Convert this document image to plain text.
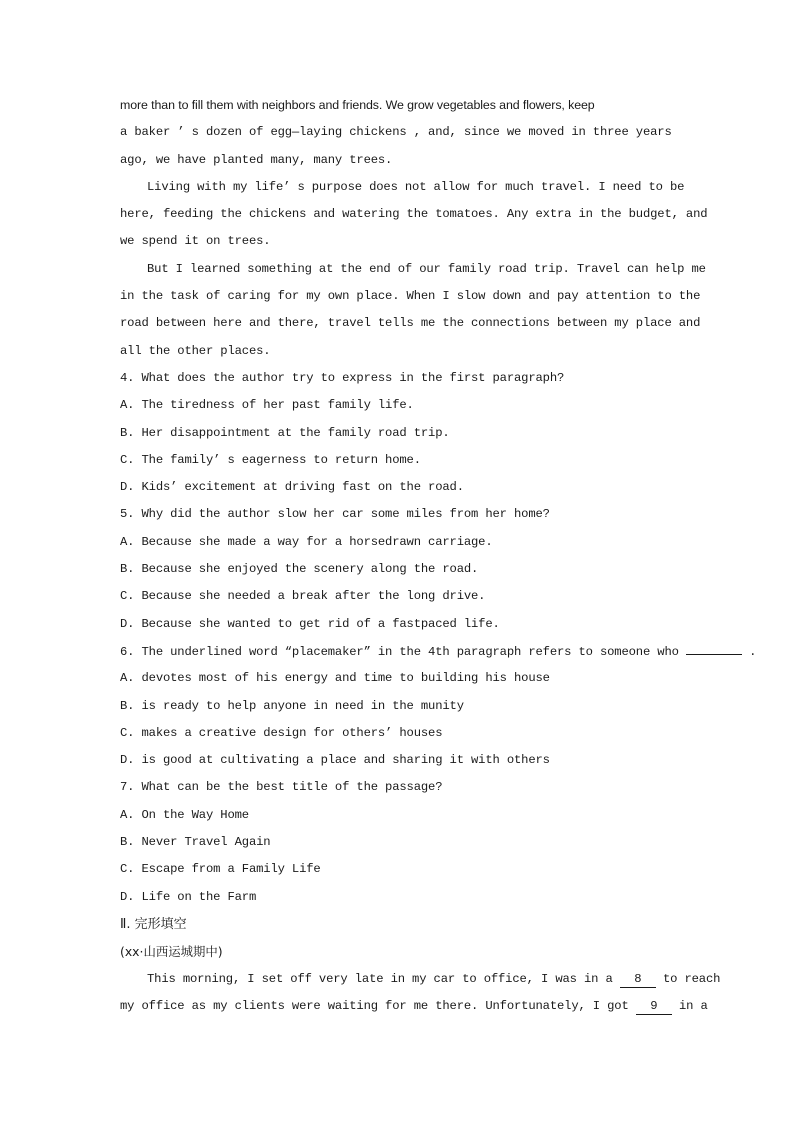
more than to fill them with neighbors and friends. We grow vegetables and flowers, keep
a baker ’ s dozen of egg—laying chickens , and, since we moved in three years
ago, we have planted many, many trees.
Living with my life’ s purpose does not allow for much travel. I need to be
here, feeding the chickens and watering the tomatoes. Any extra in the budget, and
we spend it on trees.
But I learned something at the end of our family road trip. Travel can help me
in the task of caring for my own place. When I slow down and pay attention to the
road between here and there, travel tells me the connections between my place and
all the other places.
4. What does the author try to express in the first paragraph?
A. The tiredness of her past family life.
B. Her disappointment at the family road trip.
C. The family’ s eagerness to return home.
D. Kids’ excitement at driving fast on the road.
5. Why did the author slow her car some miles from her home?
A. Because she made a way for a horsedrawn carriage.
B. Because she enjoyed the scenery along the road.
C. Because she needed a break after the long drive.
D. Because she wanted to get rid of a fastpaced life.
6. The underlined word “placemaker” in the 4th paragraph refers to someone who	.
A. devotes most of his energy and time to building his house
B. is ready to help anyone in need in the munity
C. makes a creative design for others’ houses
D. is good at cultivating a place and sharing it with others
7. What can be the best title of the passage?
A. On the Way Home
B. Never Travel Again
C. Escape from a Family Life
D. Life on the Farm
Ⅱ. 完形填空
(xx·山西运城期中)
This morning, I set off very late in my car to office, I was in a 8 to reach
my office as my clients were waiting for me there. Unfortunately, I got 9 in a
